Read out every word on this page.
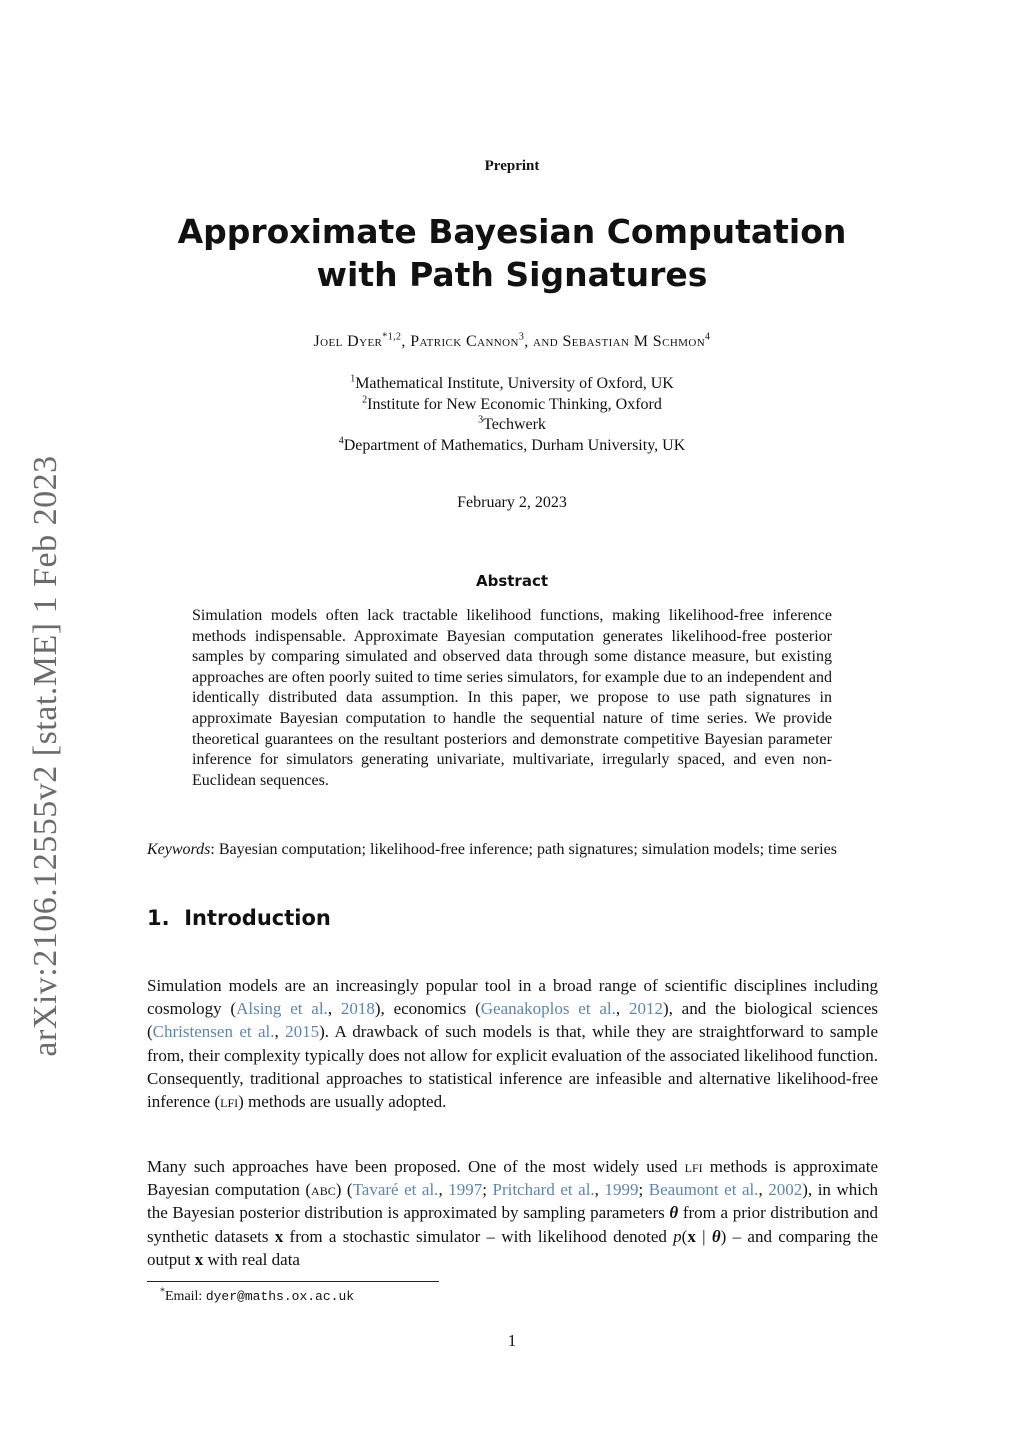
arXiv:2106.12555v2 [stat.ME] 1 Feb 2023
Preprint
Approximate Bayesian Computation
with Path Signatures
Joel Dyer$^{*1,2}$, Patrick Cannon$^3$, and Sebastian M Schmon$^4$
$^1$Mathematical Institute, University of Oxford, UK
$^2$Institute for New Economic Thinking, Oxford
$^3$Techwerk
$^4$Department of Mathematics, Durham University, UK
February 2, 2023
Abstract
Simulation models often lack tractable likelihood functions, making likelihood-free inference methods indispensable. Approximate Bayesian computation generates likelihood-free posterior samples by comparing simulated and observed data through some distance measure, but existing approaches are often poorly suited to time series simulators, for example due to an independent and identically distributed data assumption. In this paper, we propose to use path signatures in approximate Bayesian computation to handle the sequential nature of time series. We provide theoretical guarantees on the resultant posteriors and demonstrate competitive Bayesian parameter inference for simulators generating univariate, multivariate, irregularly spaced, and even non-Euclidean sequences.
Keywords: Bayesian computation; likelihood-free inference; path signatures; simulation models; time series
1. Introduction
Simulation models are an increasingly popular tool in a broad range of scientific disciplines including cosmology (Alsing et al., 2018), economics (Geanakoplos et al., 2012), and the biological sciences (Christensen et al., 2015). A drawback of such models is that, while they are straightforward to sample from, their complexity typically does not allow for explicit evaluation of the associated likelihood function. Consequently, traditional approaches to statistical inference are infeasible and alternative likelihood-free inference (lfi) methods are usually adopted.
Many such approaches have been proposed. One of the most widely used lfi methods is approximate Bayesian computation (abc) (Tavaré et al., 1997; Pritchard et al., 1999; Beaumont et al., 2002), in which the Bayesian posterior distribution is approximated by sampling parameters θ from a prior distribution and synthetic datasets x from a stochastic simulator – with likelihood denoted p(x | θ) – and comparing the output x with real data
*Email: dyer@maths.ox.ac.uk
1
